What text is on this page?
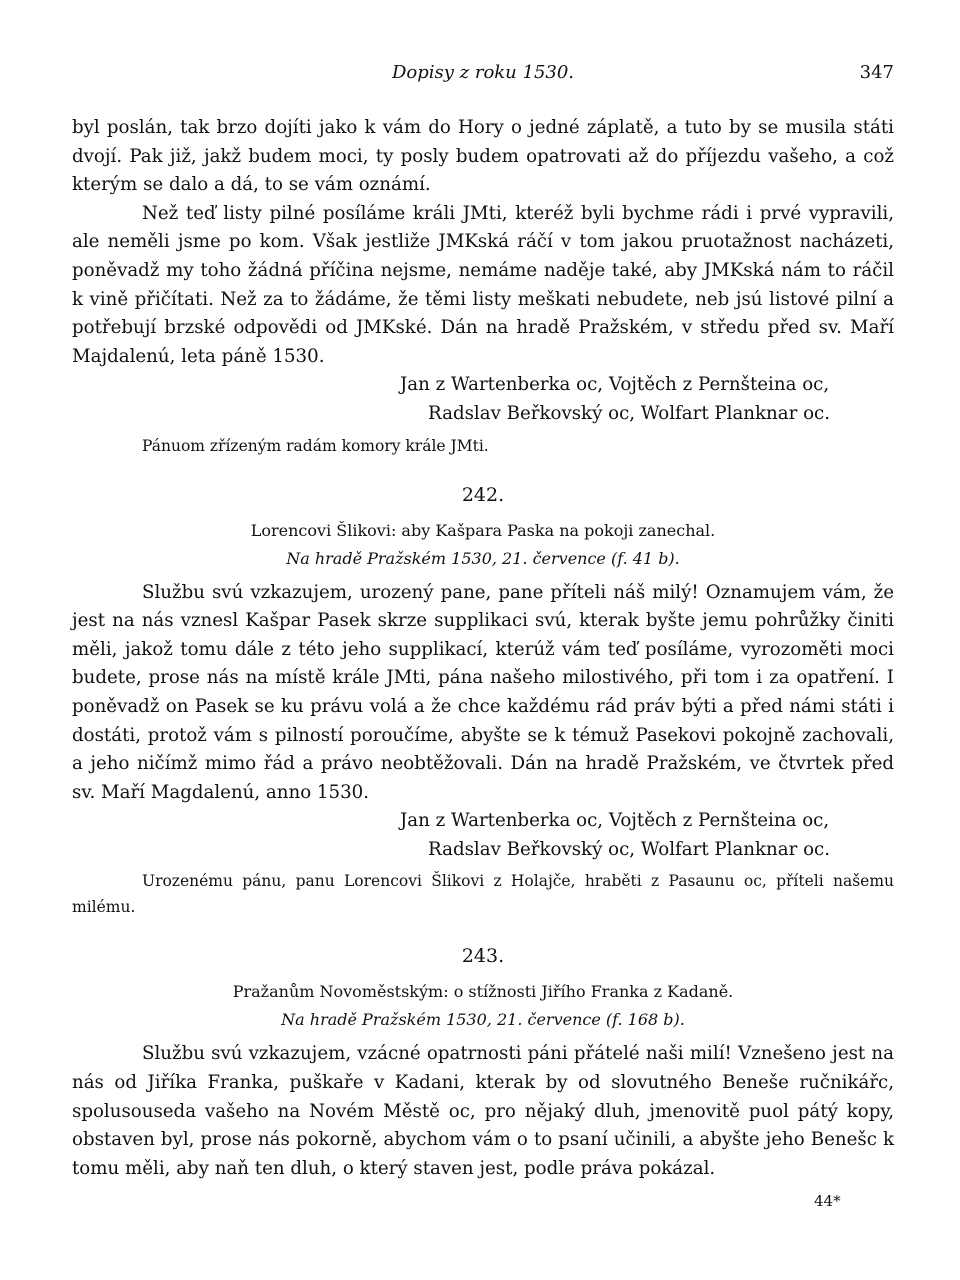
Dopisy z roku 1530.	347

byl poslán, tak brzo dojíti jako k vám do Hory o jedné záplatě, a tuto by se musila státi dvojí. Pak již, jakž budem moci, ty posly budem opatrovati až do příjezdu vašeho, a což kterým se dalo a dá, to se vám oznámí.

Než teď listy pilné posíláme králi JMti, kteréž byli bychme rádi i prvé vypravili, ale neměli jsme po kom. Však jestliže JMKská ráčí v tom jakou pruotažnost nacházeti, poněvadž my toho žádná příčina nejsme, nemáme naděje také, aby JMKská nám to ráčil k vině přičítati. Než za to žádáme, že těmi listy meškati nebudete, neb jsú listové pilní a potřebují brzské odpovědi od JMKské. Dán na hradě Pražském, v středu před sv. Maří Majdalenú, leta páně 1530.

Jan z Wartenberka oc, Vojtěch z Pernšteina oc,

Radslav Beřkovský oc, Wolfart Planknar oc.

Pánuom zřízeným radám komory krále JMti.

242.

Lorencovi Šlikovi: aby Kašpara Paska na pokoji zanechal.

Na hradě Pražském 1530, 21. července (f. 41 b).

Službu svú vzkazujem, urozený pane, pane příteli náš milý! Oznamujem vám, že jest na nás vznesl Kašpar Pasek skrze supplikaci svú, kterak byšte jemu pohrůžky činiti měli, jakož tomu dále z této jeho supplikací, kterúž vám teď posíláme, vyrozoměti moci budete, prose nás na místě krále JMti, pána našeho milostivého, při tom i za opatření. I poněvadž on Pasek se ku právu volá a že chce každému rád práv býti a před námi státi i dostáti, protož vám s pilností poroučíme, abyšte se k témuž Pasekovi pokojně zachovali, a jeho ničímž mimo řád a právo neobtěžovali. Dán na hradě Pražském, ve čtvrtek před sv. Maří Magdalenú, anno 1530.

Jan z Wartenberka oc, Vojtěch z Pernšteina oc,

Radslav Beřkovský oc, Wolfart Planknar oc.

Urozenému pánu, panu Lorencovi Šlikovi z Holajče, hraběti z Pasaunu oc, příteli našemu milému.

243.

Pražanům Novoměstským: o stížnosti Jiřího Franka z Kadaně.

Na hradě Pražském 1530, 21. července (f. 168 b).

Službu svú vzkazujem, vzácné opatrnosti páni přátelé naši milí! Vznešeno jest na nás od Jiříka Franka, puškaře v Kadani, kterak by od slovutného Beneše ručnikářc, spolusouseda vašeho na Novém Městě oc, pro nějaký dluh, jmenovitě puol pátý kopy, obstaven byl, prose nás pokorně, abychom vám o to psaní učinili, a abyšte jeho Benešc k tomu měli, aby naň ten dluh, o který staven jest, podle práva pokázal.

44*
